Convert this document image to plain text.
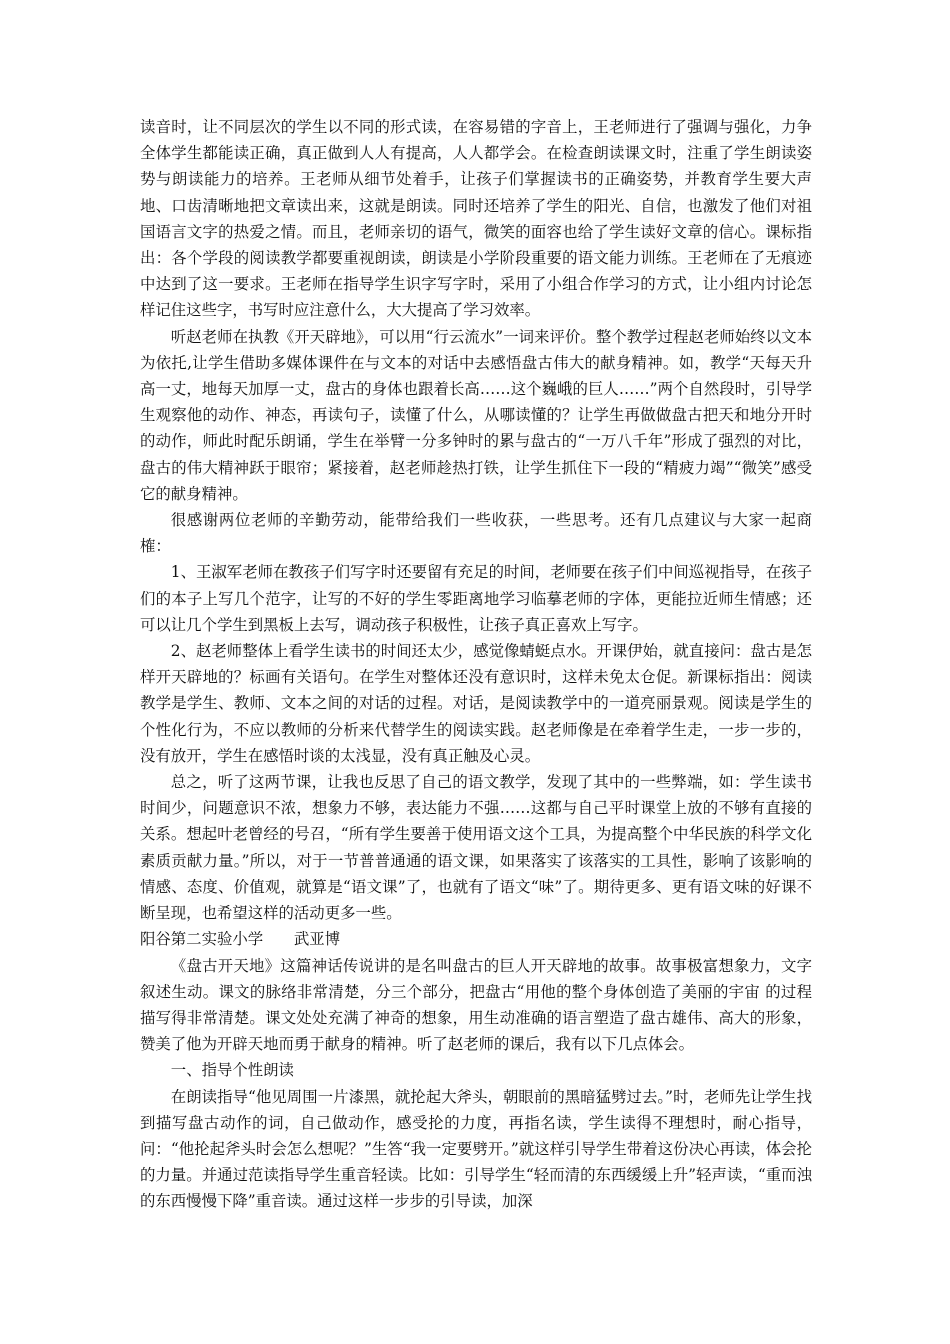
读音时，让不同层次的学生以不同的形式读，在容易错的字音上，王老师进行了强调与强化，力争全体学生都能读正确，真正做到人人有提高，人人都学会。在检查朗读课文时，注重了学生朗读姿势与朗读能力的培养。王老师从细节处着手，让孩子们掌握读书的正确姿势，并教育学生要大声地、口齿清晰地把文章读出来，这就是朗读。同时还培养了学生的阳光、自信，也激发了他们对祖国语言文字的热爱之情。而且，老师亲切的语气，微笑的面容也给了学生读好文章的信心。课标指出：各个学段的阅读教学都要重视朗读，朗读是小学阶段重要的语文能力训练。王老师在了无痕迹中达到了这一要求。王老师在指导学生识字写字时，采用了小组合作学习的方式，让小组内讨论怎样记住这些字，书写时应注意什么，大大提高了学习效率。

听赵老师在执教《开天辟地》，可以用“行云流水”一词来评价。整个教学过程赵老师始终以文本为依托,让学生借助多媒体课件在与文本的对话中去感悟盘古伟大的献身精神。如，教学“天每天升高一丈，地每天加厚一丈，盘古的身体也跟着长高……这个巍峨的巨人……”两个自然段时，引导学生观察他的动作、神态，再读句子，读懂了什么，从哪读懂的？让学生再做做盘古把天和地分开时的动作，师此时配乐朗诵，学生在举臂一分多钟时的累与盘古的“一万八千年”形成了强烈的对比，盘古的伟大精神跃于眼帘；紧接着，赵老师趁热打铁，让学生抓住下一段的“精疲力竭”“微笑”感受它的献身精神。

很感谢两位老师的辛勤劳动，能带给我们一些收获，一些思考。还有几点建议与大家一起商榷：

1、王淑军老师在教孩子们写字时还要留有充足的时间，老师要在孩子们中间巡视指导，在孩子们的本子上写几个范字，让写的不好的学生零距离地学习临摹老师的字体，更能拉近师生情感；还可以让几个学生到黑板上去写，调动孩子积极性，让孩子真正喜欢上写字。

2、赵老师整体上看学生读书的时间还太少，感觉像蜻蜓点水。开课伊始，就直接问：盘古是怎样开天辟地的？标画有关语句。在学生对整体还没有意识时，这样未免太仓促。新课标指出：阅读教学是学生、教师、文本之间的对话的过程。对话，是阅读教学中的一道亮丽景观。阅读是学生的个性化行为，不应以教师的分析来代替学生的阅读实践。赵老师像是在牵着学生走，一步一步的，没有放开，学生在感悟时谈的太浅显，没有真正触及心灵。

总之，听了这两节课，让我也反思了自己的语文教学，发现了其中的一些弊端，如：学生读书时间少，问题意识不浓，想象力不够，表达能力不强……这都与自己平时课堂上放的不够有直接的关系。想起叶老曾经的号召，“所有学生要善于使用语文这个工具，为提高整个中华民族的科学文化素质贡献力量。”所以，对于一节普普通通的语文课，如果落实了该落实的工具性，影响了该影响的情感、态度、价值观，就算是“语文课”了，也就有了语文“味”了。期待更多、更有语文味的好课不断呈现，也希望这样的活动更多一些。

阳谷第二实验小学　　武亚博

《盘古开天地》这篇神话传说讲的是名叫盘古的巨人开天辟地的故事。故事极富想象力，文字叙述生动。课文的脉络非常清楚，分三个部分，把盘古“用他的整个身体创造了美丽的宇宙 的过程描写得非常清楚。课文处处充满了神奇的想象，用生动准确的语言塑造了盘古雄伟、高大的形象，赞美了他为开辟天地而勇于献身的精神。听了赵老师的课后，我有以下几点体会。

一、指导个性朗读

在朗读指导“他见周围一片漆黑，就抡起大斧头，朝眼前的黑暗猛劈过去。”时，老师先让学生找到描写盘古动作的词，自己做动作，感受抡的力度，再指名读，学生读得不理想时，耐心指导，问：“他抡起斧头时会怎么想呢？”生答“我一定要劈开。”就这样引导学生带着这份决心再读，体会抡的力量。并通过范读指导学生重音轻读。比如：引导学生“轻而清的东西缓缓上升”轻声读，“重而浊的东西慢慢下降”重音读。通过这样一步步的引导读，加深
